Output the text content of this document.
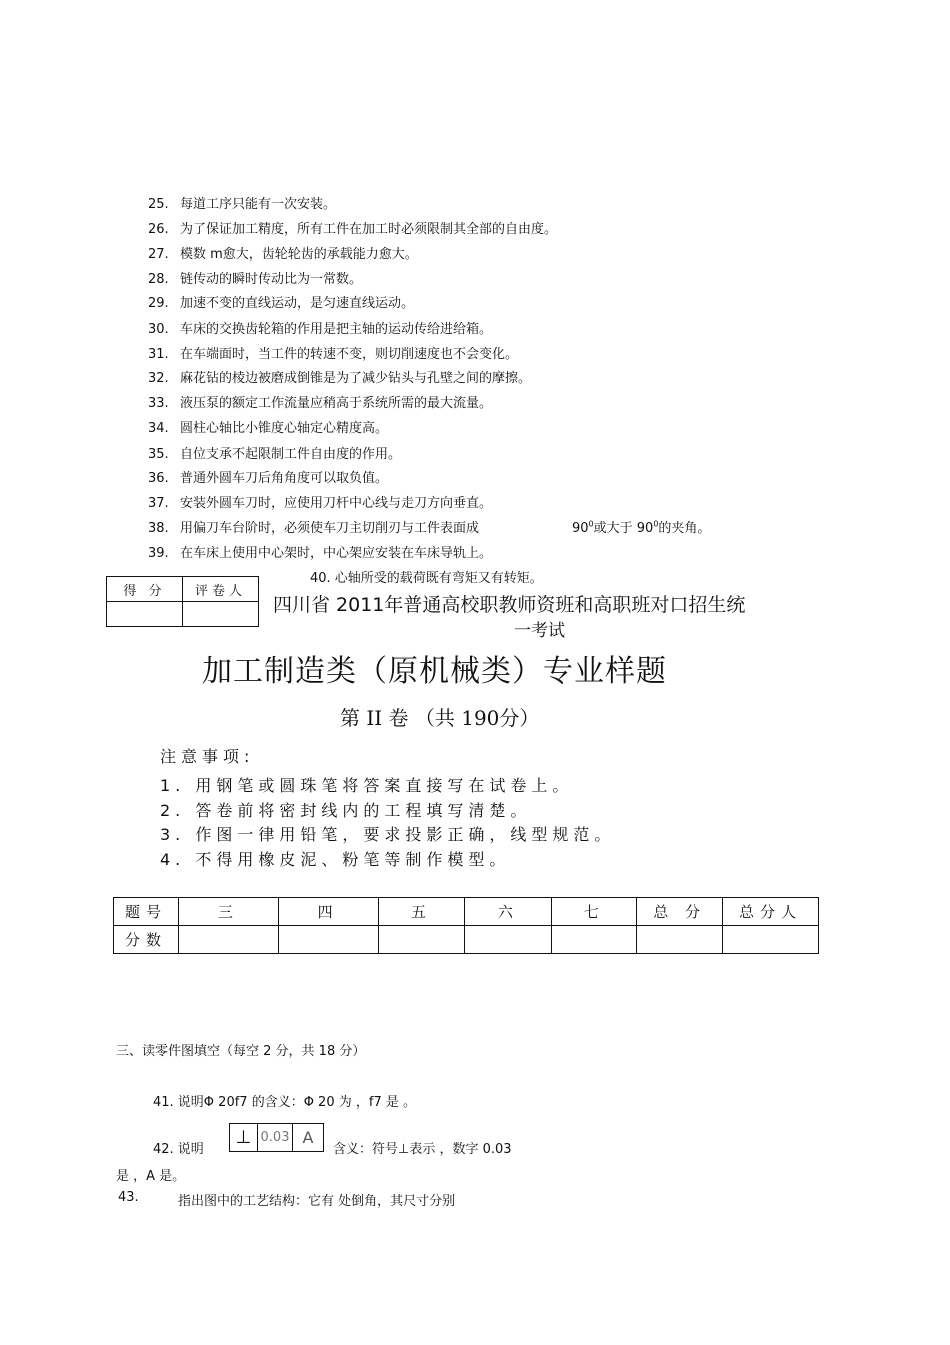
25. 每道工序只能有一次安装。
26. 为了保证加工精度，所有工件在加工时必须限制其全部的自由度。
27. 模数 m愈大，齿轮轮齿的承载能力愈大。
28. 链传动的瞬时传动比为一常数。
29. 加速不变的直线运动，是匀速直线运动。
30. 车床的交换齿轮箱的作用是把主轴的运动传给进给箱。
31. 在车端面时，当工件的转速不变，则切削速度也不会变化。
32. 麻花钻的棱边被磨成倒锥是为了减少钻头与孔壁之间的摩擦。
33. 液压泵的额定工作流量应稍高于系统所需的最大流量。
34. 圆柱心轴比小锥度心轴定心精度高。
35. 自位支承不起限制工件自由度的作用。
36. 普通外圆车刀后角角度可以取负值。
37. 安装外圆车刀时，应使用刀杆中心线与走刀方向垂直。
38. 用偏刀车台阶时，必须使车刀主切削刃与工件表面成	$90^0$或大于 $90^0$的夹角。
39. 在车床上使用中心架时，中心架应安装在车床导轨上。
40. 心轴所受的载荷既有弯矩又有转矩。
得 分	评卷人

四川省 2011年普通高校职教师资班和高职班对口招生统
一考试
加工制造类（原机械类）专业样题
第 II 卷 （共 190分）
注意事项:
1. 用钢笔或圆珠笔将答案直接写在试卷上。
2. 答卷前将密封线内的工程填写清楚。
3. 作图一律用铅笔，要求投影正确，线型规范。
4. 不得用橡皮泥、粉笔等制作模型。
题号	三	四	五	六	七	总 分	总分人
分数							
三、读零件图填空（每空 2 分，共 18 分）
41. 说明Φ 20f7 的含义：Φ 20 为 ，f7 是 。
42. 说明
⊥ 0.03 A
含义：符号⊥表示 ，数字 0.03
是 ，A 是。
43.	指出图中的工艺结构：它有 处倒角，其尺寸分别
